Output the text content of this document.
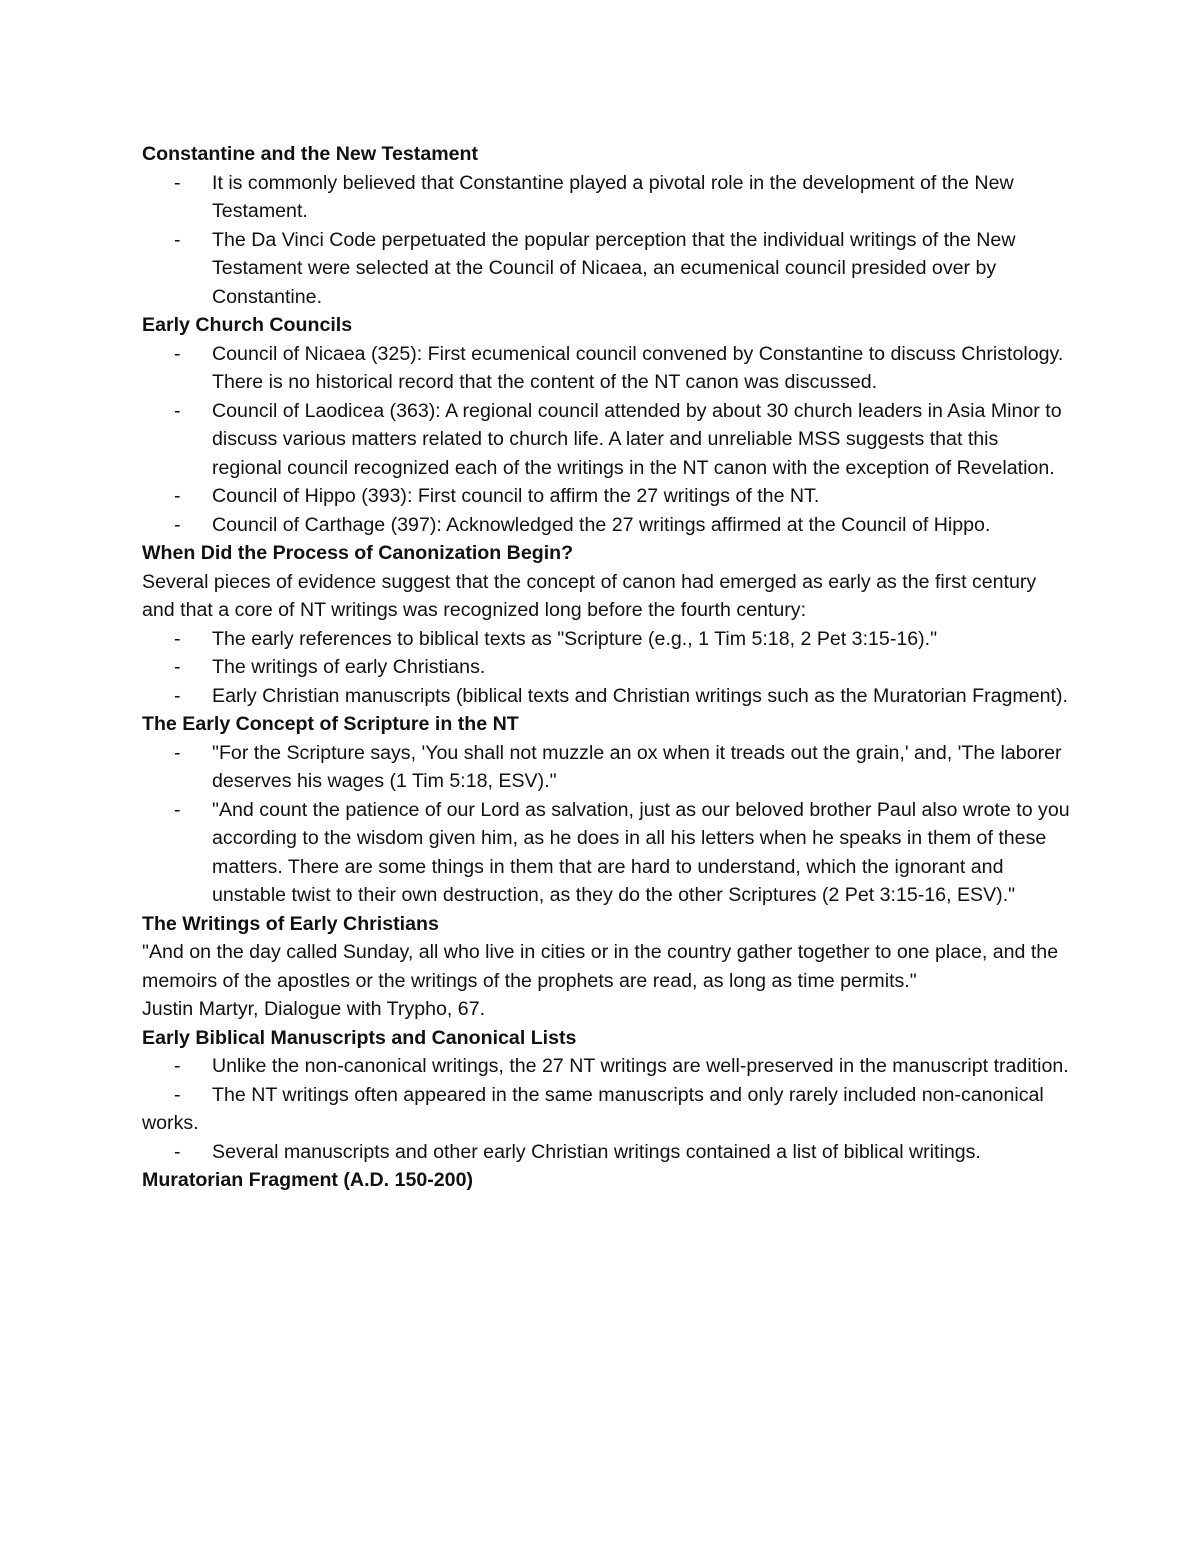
Constantine and the New Testament

- It is commonly believed that Constantine played a pivotal role in the development of the New Testament.
- The Da Vinci Code perpetuated the popular perception that the individual writings of the New Testament were selected at the Council of Nicaea, an ecumenical council presided over by Constantine.

Early Church Councils

- Council of Nicaea (325): First ecumenical council convened by Constantine to discuss Christology. There is no historical record that the content of the NT canon was discussed.
- Council of Laodicea (363): A regional council attended by about 30 church leaders in Asia Minor to discuss various matters related to church life. A later and unreliable MSS suggests that this regional council recognized each of the writings in the NT canon with the exception of Revelation.
- Council of Hippo (393): First council to affirm the 27 writings of the NT.
- Council of Carthage (397): Acknowledged the 27 writings affirmed at the Council of Hippo.

When Did the Process of Canonization Begin?

Several pieces of evidence suggest that the concept of canon had emerged as early as the first century and that a core of NT writings was recognized long before the fourth century:

- The early references to biblical texts as "Scripture (e.g., 1 Tim 5:18, 2 Pet 3:15-16)."
- The writings of early Christians.
- Early Christian manuscripts (biblical texts and Christian writings such as the Muratorian Fragment).

The Early Concept of Scripture in the NT

- "For the Scripture says, 'You shall not muzzle an ox when it treads out the grain,' and, 'The laborer deserves his wages (1 Tim 5:18, ESV)."
- "And count the patience of our Lord as salvation, just as our beloved brother Paul also wrote to you according to the wisdom given him, as he does in all his letters when he speaks in them of these matters. There are some things in them that are hard to understand, which the ignorant and unstable twist to their own destruction, as they do the other Scriptures (2 Pet 3:15-16, ESV)."

The Writings of Early Christians

"And on the day called Sunday, all who live in cities or in the country gather together to one place, and the memoirs of the apostles or the writings of the prophets are read, as long as time permits."

Justin Martyr, Dialogue with Trypho, 67.

Early Biblical Manuscripts and Canonical Lists

- Unlike the non-canonical writings, the 27 NT writings are well-preserved in the manuscript tradition.
- The NT writings often appeared in the same manuscripts and only rarely included non-canonical works.
- Several manuscripts and other early Christian writings contained a list of biblical writings.

Muratorian Fragment (A.D. 150-200)
